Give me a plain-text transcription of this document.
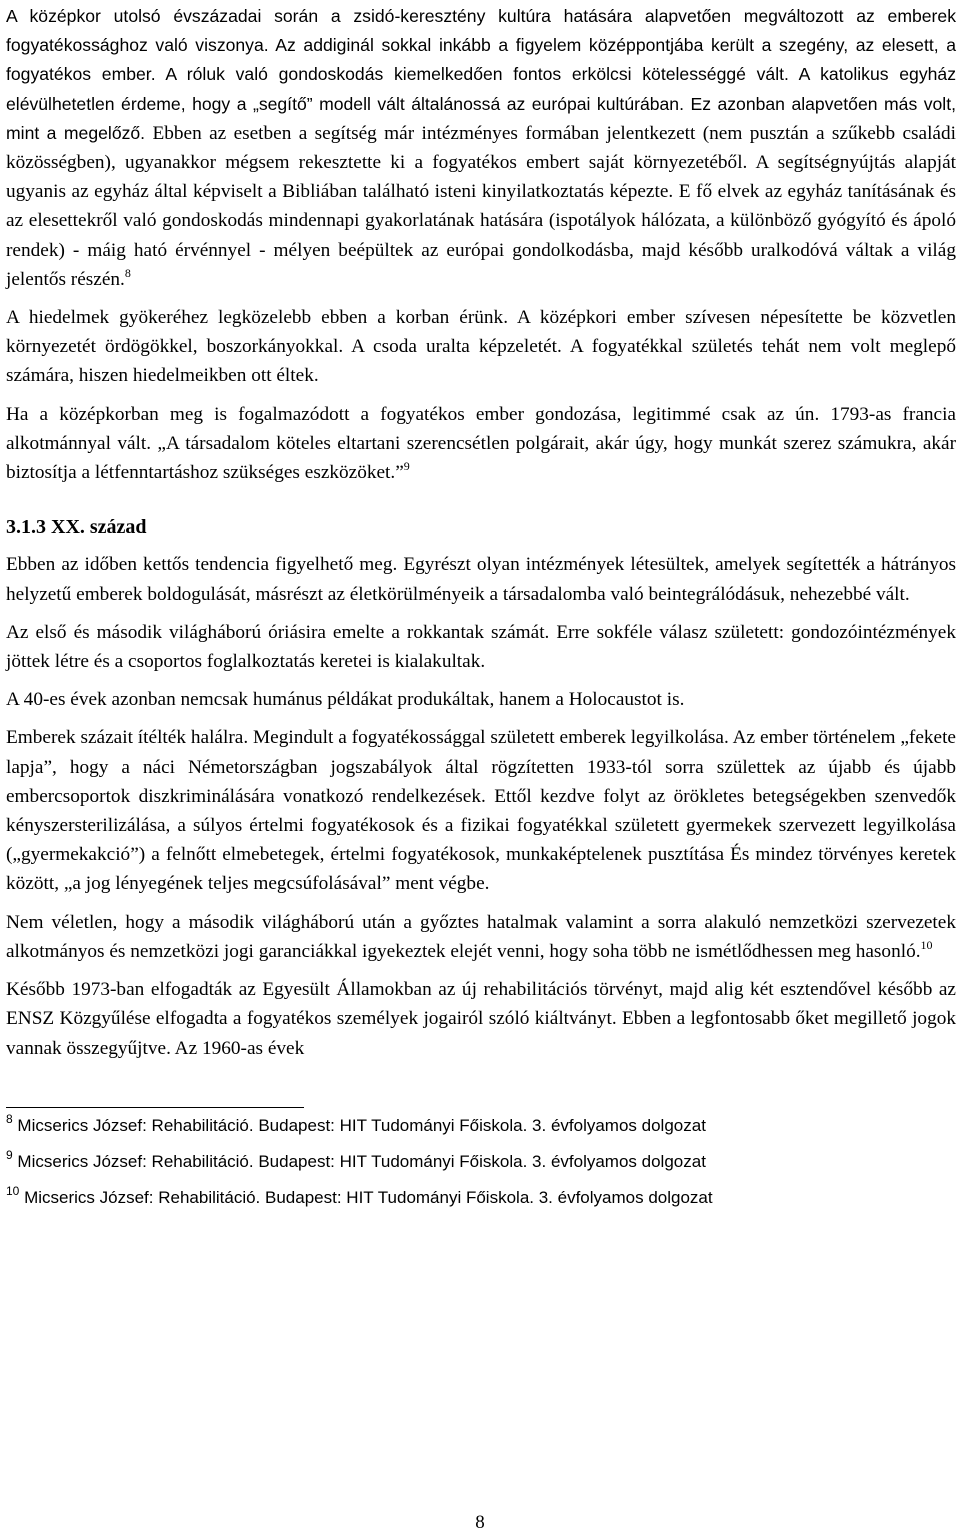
A középkor utolsó évszázadai során a zsidó-keresztény kultúra hatására alapvetően megváltozott az emberek fogyatékossághoz való viszonya. Az addiginál sokkal inkább a figyelem középpontjába került a szegény, az elesett, a fogyatékos ember. A róluk való gondoskodás kiemelkedően fontos erkölcsi kötelességgé vált. A katolikus egyház elévülhetetlen érdeme, hogy a „segítő” modell vált általánossá az európai kultúrában. Ez azonban alapvetően más volt, mint a megelőző. Ebben az esetben a segítség már intézményes formában jelentkezett (nem pusztán a szűkebb családi közösségben), ugyanakkor mégsem rekesztette ki a fogyatékos embert saját környezetéből. A segítségnyújtás alapját ugyanis az egyház által képviselt a Bibliában található isteni kinyilatkoztatás képezte. E fő elvek az egyház tanításának és az elesettekről való gondoskodás mindennapi gyakorlatának hatására (ispotályok hálózata, a különböző gyógyító és ápoló rendek) - máig ható érvénnyel - mélyen beépültek az európai gondolkodásba, majd később uralkodóvá váltak a világ jelentős részén.$^8$

A hiedelmek gyökeréhez legközelebb ebben a korban érünk. A középkori ember szívesen népesítette be közvetlen környezetét ördögökkel, boszorkányokkal. A csoda uralta képzeletét. A fogyatékkal születés tehát nem volt meglepő számára, hiszen hiedelmeikben ott éltek.

Ha a középkorban meg is fogalmazódott a fogyatékos ember gondozása, legitimmé csak az ún. 1793-as francia alkotmánnyal vált. „A társadalom köteles eltartani szerencsétlen polgárait, akár úgy, hogy munkát szerez számukra, akár biztosítja a létfenntartáshoz szükséges eszközöket.”$^9$

3.1.3 XX. század

Ebben az időben kettős tendencia figyelhető meg. Egyrészt olyan intézmények létesültek, amelyek segítették a hátrányos helyzetű emberek boldogulását, másrészt az életkörülményeik a társadalomba való beintegrálódásuk, nehezebbé vált.

Az első és második világháború óriásira emelte a rokkantak számát. Erre sokféle válasz született: gondozóintézmények jöttek létre és a csoportos foglalkoztatás keretei is kialakultak.

A 40-es évek azonban nemcsak humánus példákat produkáltak, hanem a Holocaustot is.

Emberek százait ítélték halálra. Megindult a fogyatékossággal született emberek legyilkolása. Az ember történelem „fekete lapja”, hogy a náci Németországban jogszabályok által rögzítetten 1933-tól sorra születtek az újabb és újabb embercsoportok diszkriminálására vonatkozó rendelkezések. Ettől kezdve folyt az örökletes betegségekben szenvedők kényszersterilizálása, a súlyos értelmi fogyatékosok és a fizikai fogyatékkal született gyermekek szervezett legyilkolása („gyermekakció”) a felnőtt elmebetegek, értelmi fogyatékosok, munkaképtelenek pusztítása És mindez törvényes keretek között, „a jog lényegének teljes megcsúfolásával” ment végbe.

Nem véletlen, hogy a második világháború után a győztes hatalmak valamint a sorra alakuló nemzetközi szervezetek alkotmányos és nemzetközi jogi garanciákkal igyekeztek elejét venni, hogy soha több ne ismétlődhessen meg hasonló.$^{10}$

Később 1973-ban elfogadták az Egyesült Államokban az új rehabilitációs törvényt, majd alig két esztendővel később az ENSZ Közgyűlése elfogadta a fogyatékos személyek jogairól szóló kiáltványt. Ebben a legfontosabb őket megillető jogok vannak összegyűjtve. Az 1960-as évek

$^8$ Micserics József: Rehabilitáció. Budapest: HIT Tudományi Főiskola. 3. évfolyamos dolgozat
$^9$ Micserics József: Rehabilitáció. Budapest: HIT Tudományi Főiskola. 3. évfolyamos dolgozat
$^{10}$ Micserics József: Rehabilitáció. Budapest: HIT Tudományi Főiskola. 3. évfolyamos dolgozat
8
